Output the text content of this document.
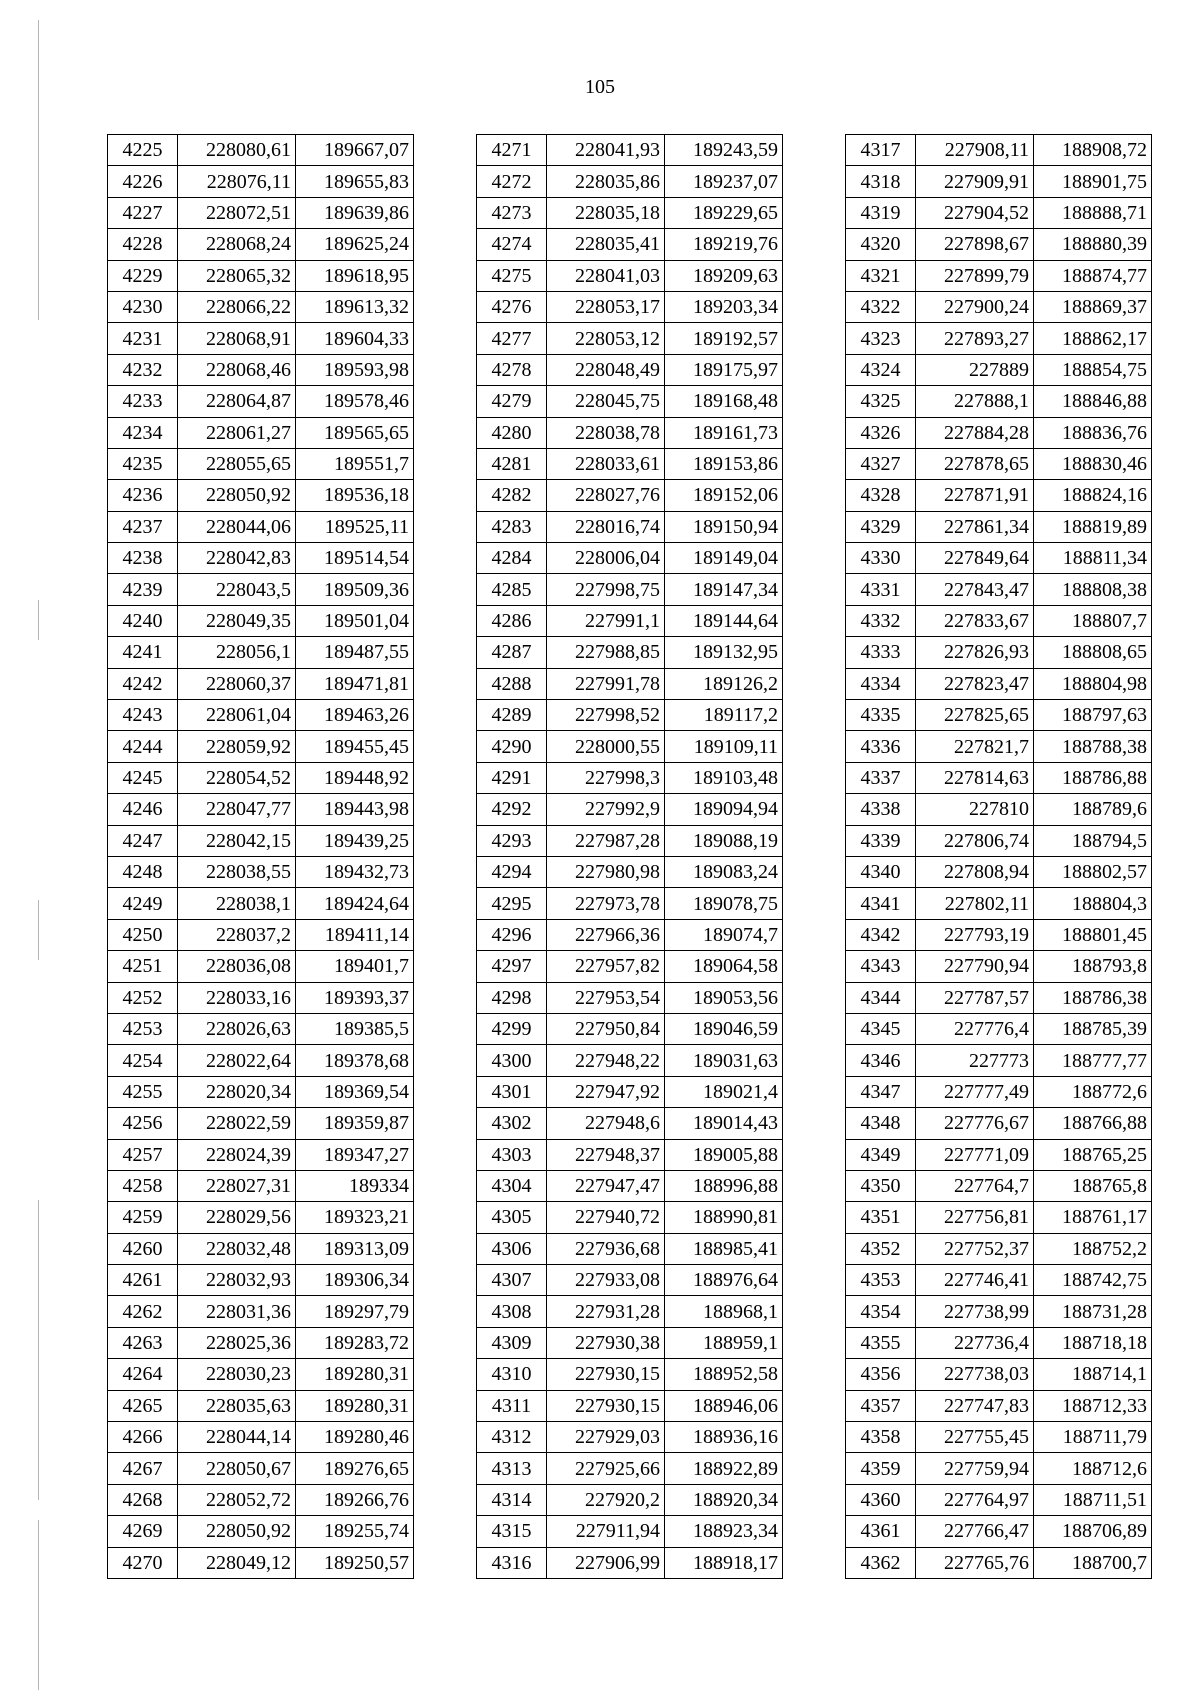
105
4225	228080,61	189667,07
4226	228076,11	189655,83
4227	228072,51	189639,86
4228	228068,24	189625,24
4229	228065,32	189618,95
4230	228066,22	189613,32
4231	228068,91	189604,33
4232	228068,46	189593,98
4233	228064,87	189578,46
4234	228061,27	189565,65
4235	228055,65	189551,7
4236	228050,92	189536,18
4237	228044,06	189525,11
4238	228042,83	189514,54
4239	228043,5	189509,36
4240	228049,35	189501,04
4241	228056,1	189487,55
4242	228060,37	189471,81
4243	228061,04	189463,26
4244	228059,92	189455,45
4245	228054,52	189448,92
4246	228047,77	189443,98
4247	228042,15	189439,25
4248	228038,55	189432,73
4249	228038,1	189424,64
4250	228037,2	189411,14
4251	228036,08	189401,7
4252	228033,16	189393,37
4253	228026,63	189385,5
4254	228022,64	189378,68
4255	228020,34	189369,54
4256	228022,59	189359,87
4257	228024,39	189347,27
4258	228027,31	189334
4259	228029,56	189323,21
4260	228032,48	189313,09
4261	228032,93	189306,34
4262	228031,36	189297,79
4263	228025,36	189283,72
4264	228030,23	189280,31
4265	228035,63	189280,31
4266	228044,14	189280,46
4267	228050,67	189276,65
4268	228052,72	189266,76
4269	228050,92	189255,74
4270	228049,12	189250,57
4271	228041,93	189243,59
4272	228035,86	189237,07
4273	228035,18	189229,65
4274	228035,41	189219,76
4275	228041,03	189209,63
4276	228053,17	189203,34
4277	228053,12	189192,57
4278	228048,49	189175,97
4279	228045,75	189168,48
4280	228038,78	189161,73
4281	228033,61	189153,86
4282	228027,76	189152,06
4283	228016,74	189150,94
4284	228006,04	189149,04
4285	227998,75	189147,34
4286	227991,1	189144,64
4287	227988,85	189132,95
4288	227991,78	189126,2
4289	227998,52	189117,2
4290	228000,55	189109,11
4291	227998,3	189103,48
4292	227992,9	189094,94
4293	227987,28	189088,19
4294	227980,98	189083,24
4295	227973,78	189078,75
4296	227966,36	189074,7
4297	227957,82	189064,58
4298	227953,54	189053,56
4299	227950,84	189046,59
4300	227948,22	189031,63
4301	227947,92	189021,4
4302	227948,6	189014,43
4303	227948,37	189005,88
4304	227947,47	188996,88
4305	227940,72	188990,81
4306	227936,68	188985,41
4307	227933,08	188976,64
4308	227931,28	188968,1
4309	227930,38	188959,1
4310	227930,15	188952,58
4311	227930,15	188946,06
4312	227929,03	188936,16
4313	227925,66	188922,89
4314	227920,2	188920,34
4315	227911,94	188923,34
4316	227906,99	188918,17
4317	227908,11	188908,72
4318	227909,91	188901,75
4319	227904,52	188888,71
4320	227898,67	188880,39
4321	227899,79	188874,77
4322	227900,24	188869,37
4323	227893,27	188862,17
4324	227889	188854,75
4325	227888,1	188846,88
4326	227884,28	188836,76
4327	227878,65	188830,46
4328	227871,91	188824,16
4329	227861,34	188819,89
4330	227849,64	188811,34
4331	227843,47	188808,38
4332	227833,67	188807,7
4333	227826,93	188808,65
4334	227823,47	188804,98
4335	227825,65	188797,63
4336	227821,7	188788,38
4337	227814,63	188786,88
4338	227810	188789,6
4339	227806,74	188794,5
4340	227808,94	188802,57
4341	227802,11	188804,3
4342	227793,19	188801,45
4343	227790,94	188793,8
4344	227787,57	188786,38
4345	227776,4	188785,39
4346	227773	188777,77
4347	227777,49	188772,6
4348	227776,67	188766,88
4349	227771,09	188765,25
4350	227764,7	188765,8
4351	227756,81	188761,17
4352	227752,37	188752,2
4353	227746,41	188742,75
4354	227738,99	188731,28
4355	227736,4	188718,18
4356	227738,03	188714,1
4357	227747,83	188712,33
4358	227755,45	188711,79
4359	227759,94	188712,6
4360	227764,97	188711,51
4361	227766,47	188706,89
4362	227765,76	188700,7
